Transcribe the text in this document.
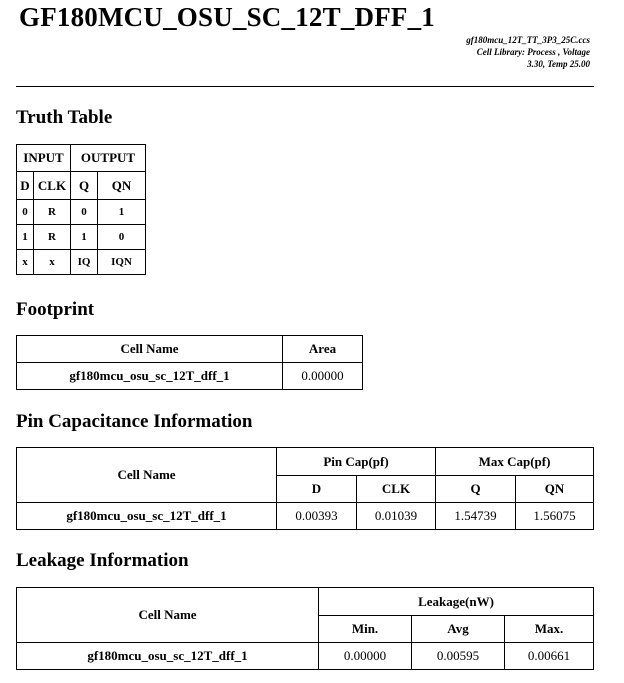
GF180MCU_OSU_SC_12T_DFF_1
gf180mcu_12T_TT_3P3_25C.ccs
Cell Library: Process , Voltage
3.30, Temp 25.00
Truth Table
INPUT		OUTPUT	
D	CLK	Q	QN
0	R	0	1
1	R	1	0
x	x	IQ	IQN
Footprint
Cell Name	Area
gf180mcu_osu_sc_12T_dff_1	0.00000
Pin Capacitance Information
Cell Name	Pin Cap(pf)		Max Cap(pf)	
	D	CLK	Q	QN
gf180mcu_osu_sc_12T_dff_1	0.00393	0.01039	1.54739	1.56075
Leakage Information
Cell Name	Leakage(nW)		
	Min.	Avg	Max.
gf180mcu_osu_sc_12T_dff_1	0.00000	0.00595	0.00661
